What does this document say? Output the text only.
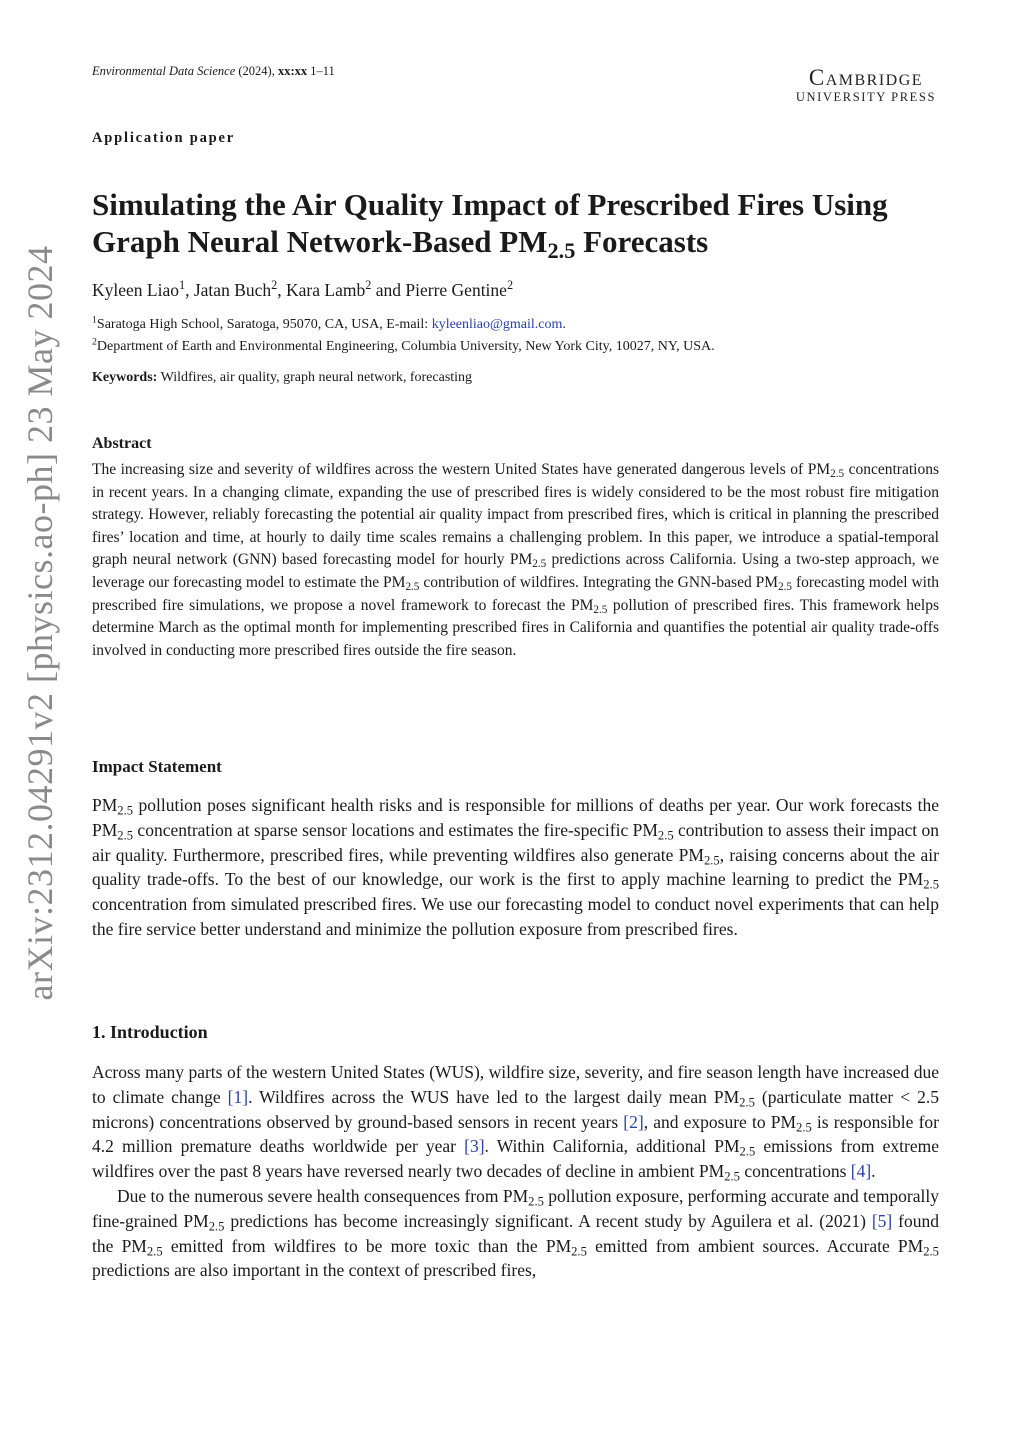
Environmental Data Science (2024), xx:xx 1–11	Cambridge
UNIVERSITY PRESS
arXiv:2312.04291v2 [physics.ao-ph] 23 May 2024
Application paper
Simulating the Air Quality Impact of Prescribed Fires Using Graph Neural Network-Based $PM_{2.5}$ Forecasts
Kyleen Liao$^1$, Jatan Buch$^2$, Kara Lamb$^2$ and Pierre Gentine$^2$
$^1$Saratoga High School, Saratoga, 95070, CA, USA, E-mail: kyleenliao@gmail.com.
$^2$Department of Earth and Environmental Engineering, Columbia University, New York City, 10027, NY, USA.
Keywords: Wildfires, air quality, graph neural network, forecasting
Abstract
The increasing size and severity of wildfires across the western United States have generated dangerous levels of $PM_{2.5}$ concentrations in recent years. In a changing climate, expanding the use of prescribed fires is widely considered to be the most robust fire mitigation strategy. However, reliably forecasting the potential air quality impact from prescribed fires, which is critical in planning the prescribed fires’ location and time, at hourly to daily time scales remains a challenging problem. In this paper, we introduce a spatial-temporal graph neural network (GNN) based forecasting model for hourly $PM_{2.5}$ predictions across California. Using a two-step approach, we leverage our forecasting model to estimate the $PM_{2.5}$ contribution of wildfires. Integrating the GNN-based $PM_{2.5}$ forecasting model with prescribed fire simulations, we propose a novel framework to forecast the $PM_{2.5}$ pollution of prescribed fires. This framework helps determine March as the optimal month for implementing prescribed fires in California and quantifies the potential air quality trade-offs involved in conducting more prescribed fires outside the fire season.
Impact Statement
$PM_{2.5}$ pollution poses significant health risks and is responsible for millions of deaths per year. Our work forecasts the $PM_{2.5}$ concentration at sparse sensor locations and estimates the fire-specific $PM_{2.5}$ contribution to assess their impact on air quality. Furthermore, prescribed fires, while preventing wildfires also generate $PM_{2.5}$, raising concerns about the air quality trade-offs. To the best of our knowledge, our work is the first to apply machine learning to predict the $PM_{2.5}$ concentration from simulated prescribed fires. We use our forecasting model to conduct novel experiments that can help the fire service better understand and minimize the pollution exposure from prescribed fires.
1. Introduction

Across many parts of the western United States (WUS), wildfire size, severity, and fire season length have increased due to climate change [1]. Wildfires across the WUS have led to the largest daily mean $PM_{2.5}$ (particulate matter < 2.5 microns) concentrations observed by ground-based sensors in recent years [2], and exposure to $PM_{2.5}$ is responsible for 4.2 million premature deaths worldwide per year [3]. Within California, additional $PM_{2.5}$ emissions from extreme wildfires over the past 8 years have reversed nearly two decades of decline in ambient $PM_{2.5}$ concentrations [4].

Due to the numerous severe health consequences from $PM_{2.5}$ pollution exposure, performing accurate and temporally fine-grained $PM_{2.5}$ predictions has become increasingly significant. A recent study by Aguilera et al. (2021) [5] found the $PM_{2.5}$ emitted from wildfires to be more toxic than the $PM_{2.5}$ emitted from ambient sources. Accurate $PM_{2.5}$ predictions are also important in the context of prescribed fires,
